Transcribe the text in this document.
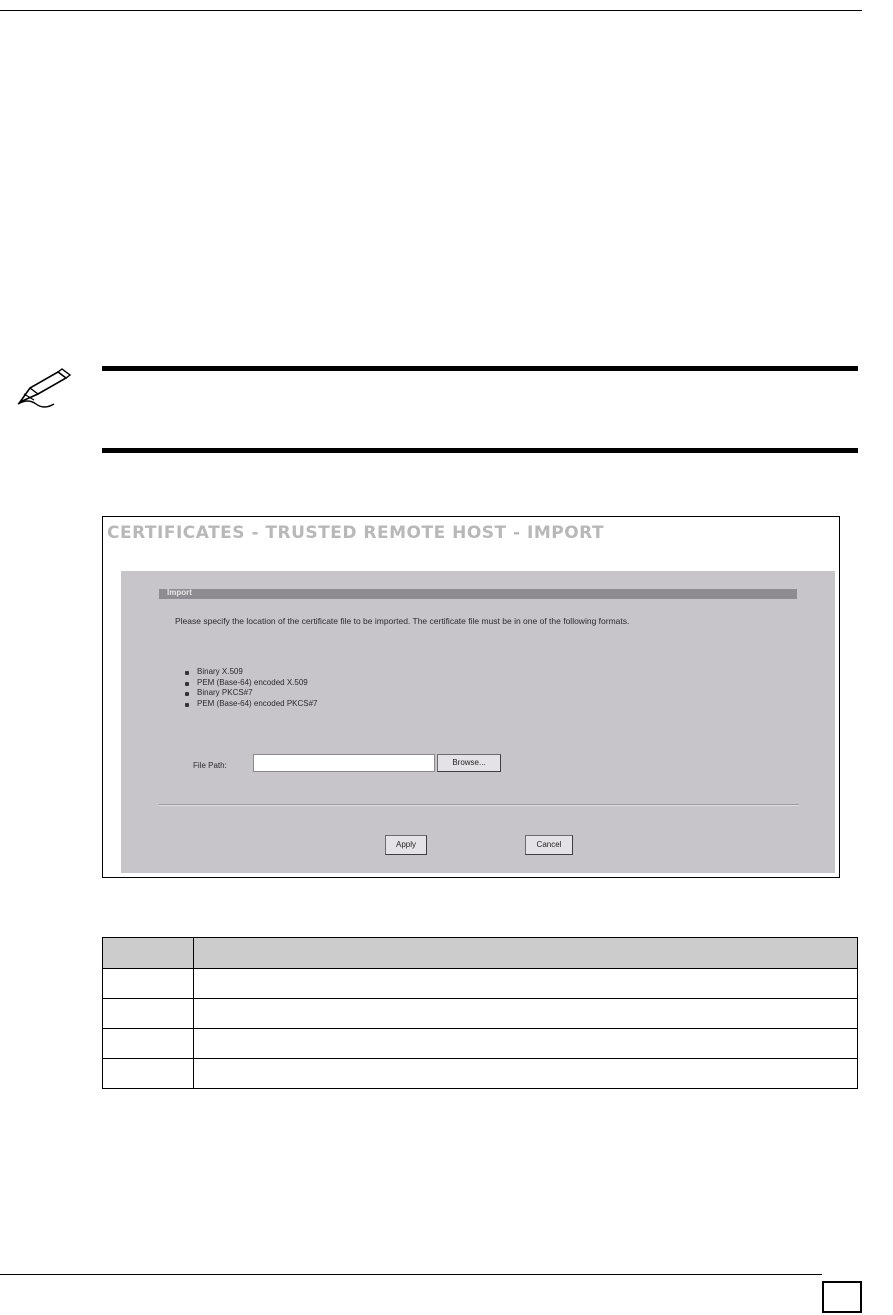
CERTIFICATES - TRUSTED REMOTE HOST - IMPORT
Import
Please specify the location of the certificate file to be imported. The certificate file must be in one of the following formats.
Binary X.509
PEM (Base-64) encoded X.509
Binary PKCS#7
PEM (Base-64) encoded PKCS#7
File Path:	Browse...
Apply	Cancel
